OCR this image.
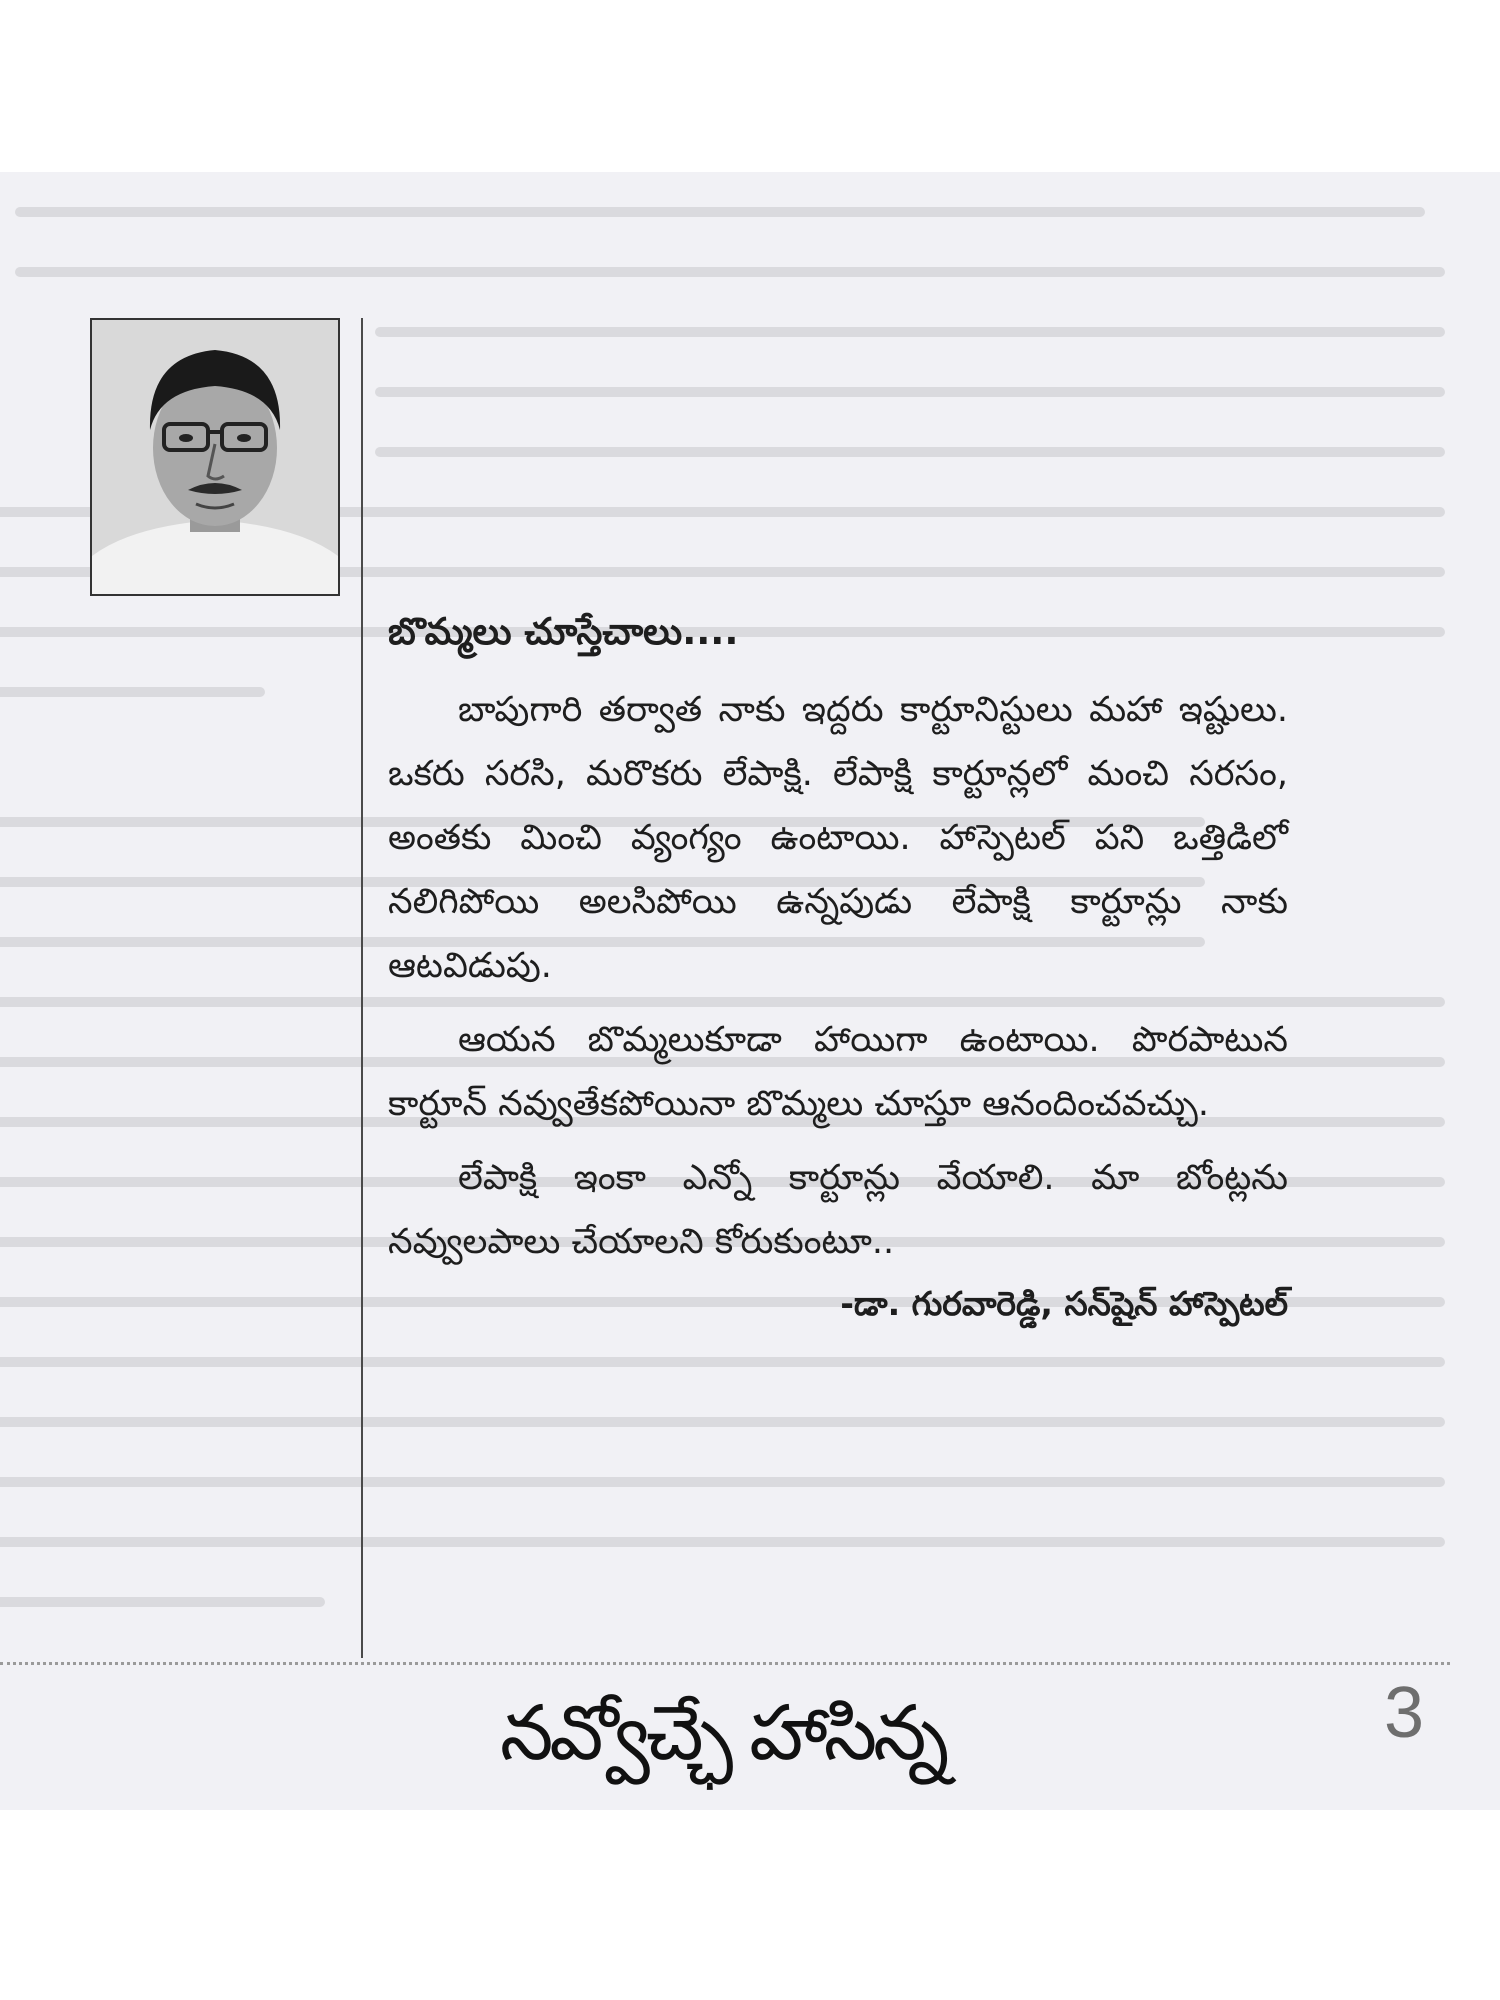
బొమ్మలు చూస్తేచాలు....

బాపుగారి తర్వాత నాకు ఇద్దరు కార్టూనిస్టులు మహా ఇష్టులు. ఒకరు సరసి, మరొకరు లేపాక్షి. లేపాక్షి కార్టూన్లలో మంచి సరసం, అంతకు మించి వ్యంగ్యం ఉంటాయి. హాస్పెటల్ పని ఒత్తిడిలో నలిగిపోయి అలసిపోయి ఉన్నపుడు లేపాక్షి కార్టూన్లు నాకు ఆటవిడుపు.

ఆయన బొమ్మలుకూడా హాయిగా ఉంటాయి. పొరపాటున కార్టూన్ నవ్వుతేకపోయినా బొమ్మలు చూస్తూ ఆనందించవచ్చు.

లేపాక్షి ఇంకా ఎన్నో కార్టూన్లు వేయాలి. మా బోంట్లను నవ్వులపాలు చేయాలని కోరుకుంటూ..

-డా. గురవారెడ్డి, సన్‌షైన్ హాస్పెటల్
నవ్వోచ్ఛే హాసిన్న	3
